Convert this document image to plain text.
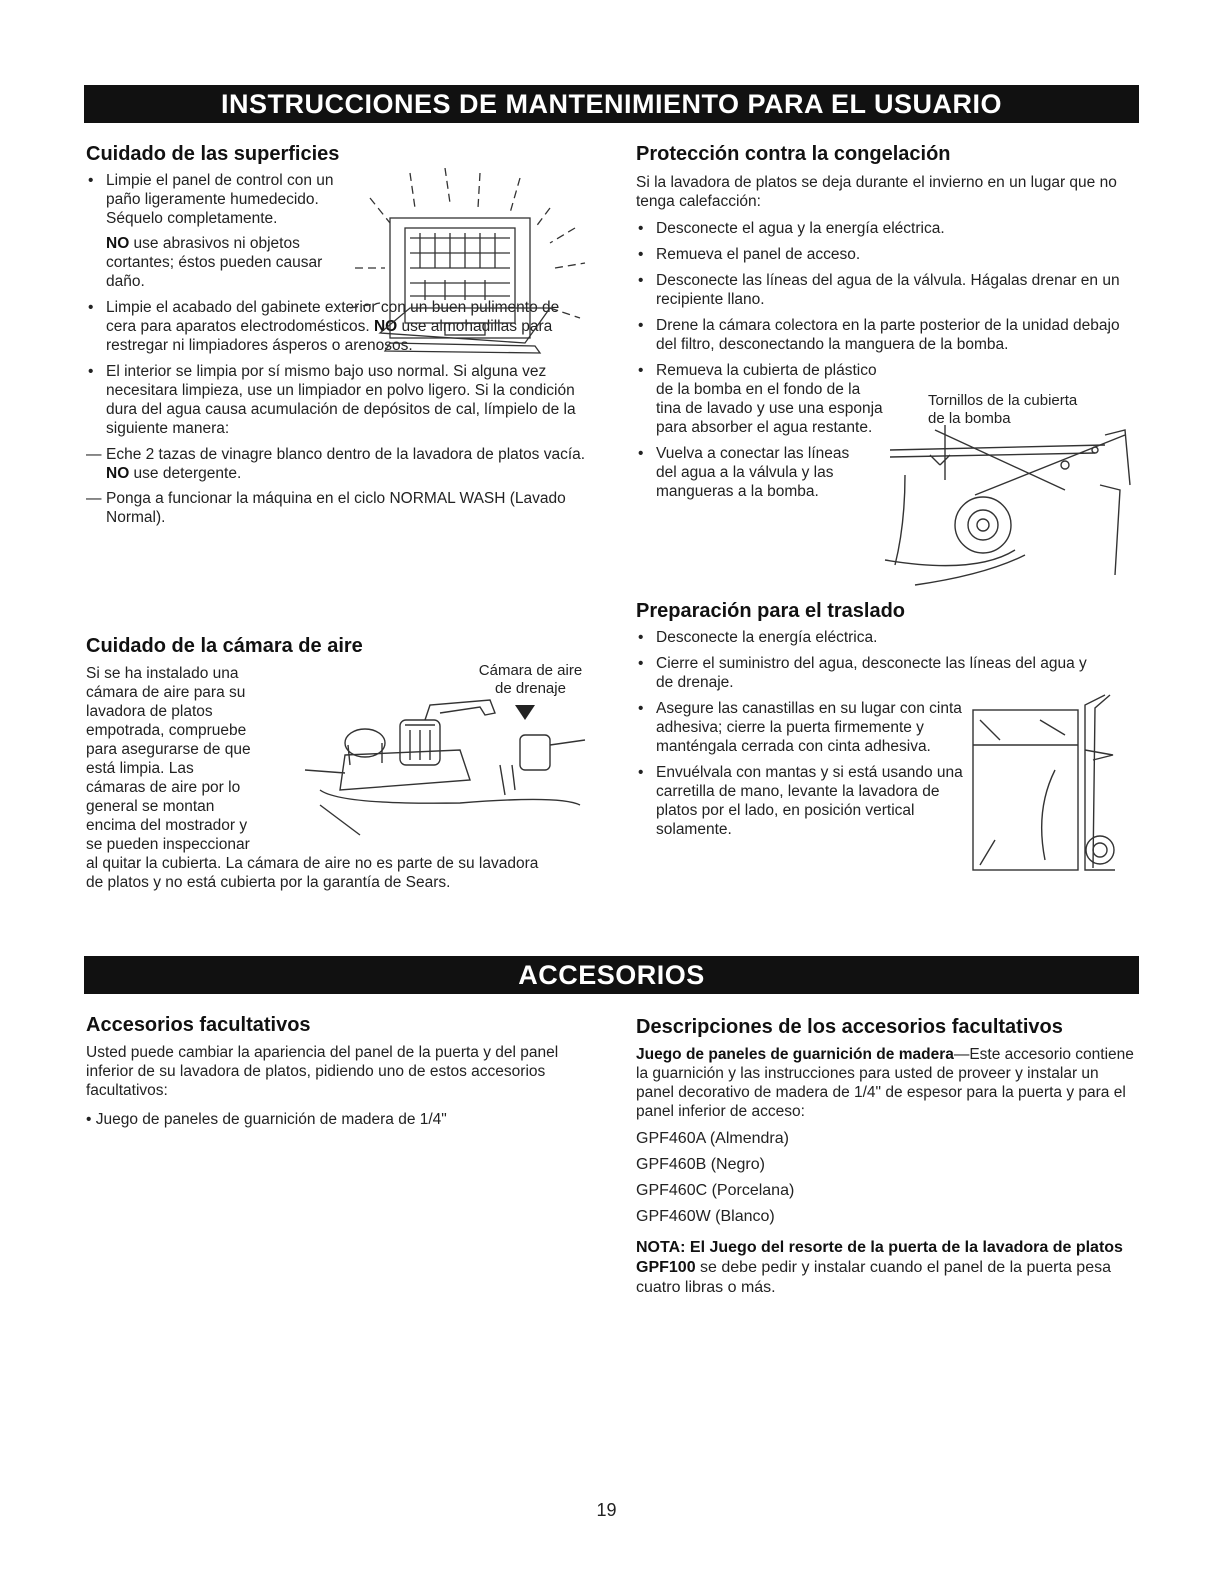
INSTRUCCIONES DE MANTENIMIENTO PARA EL USUARIO
Cuidado de las superficies
• Limpie el panel de control con un paño ligeramente humedecido. Séquelo completamente.
NO use abrasivos ni objetos cortantes; éstos pueden causar daño.
• Limpie el acabado del gabinete exterior con un buen pulimento de cera para aparatos electrodomésticos. NO use almohadillas para restregar ni limpiadores ásperos o arenosos.
• El interior se limpia por sí mismo bajo uso normal. Si alguna vez necesitara limpieza, use un limpiador en polvo ligero. Si la condición dura del agua causa acumulación de depósitos de cal, límpielo de la siguiente manera:
— Eche 2 tazas de vinagre blanco dentro de la lavadora de platos vacía. NO use detergente.
— Ponga a funcionar la máquina en el ciclo NORMAL WASH (Lavado Normal).
Cuidado de la cámara de aire
Cámara de aire
de drenaje
Si se ha instalado una cámara de aire para su lavadora de platos empotrada, compruebe para asegurarse de que está limpia. Las cámaras de aire por lo general se montan encima del mostrador y se pueden inspeccionar al quitar la cubierta. La cámara de aire no es parte de su lavadora de platos y no está cubierta por la garantía de Sears.
Protección contra la congelación

Si la lavadora de platos se deja durante el invierno en un lugar que no tenga calefacción:

• Desconecte el agua y la energía eléctrica.
• Remueva el panel de acceso.
• Desconecte las líneas del agua de la válvula. Hágalas drenar en un recipiente llano.
• Drene la cámara colectora en la parte posterior de la unidad debajo del filtro, desconectando la manguera de la bomba.
• Remueva la cubierta de plástico de la bomba en el fondo de la tina de lavado y use una esponja para absorber el agua restante.
• Vuelva a conectar las líneas del agua a la válvula y las mangueras a la bomba.
Tornillos de la cubierta
de la bomba
Preparación para el traslado
• Desconecte la energía eléctrica.
• Cierre el suministro del agua, desconecte las líneas del agua y de drenaje.
• Asegure las canastillas en su lugar con cinta adhesiva; cierre la puerta firmemente y manténgala cerrada con cinta adhesiva.
• Envuélvala con mantas y si está usando una carretilla de mano, levante la lavadora de platos por el lado, en posición vertical solamente.
ACCESORIOS
Accesorios facultativos

Usted puede cambiar la apariencia del panel de la puerta y del panel inferior de su lavadora de platos, pidiendo uno de estos accesorios facultativos:

• Juego de paneles de guarnición de madera de 1/4"

Descripciones de los accesorios facultativos

Juego de paneles de guarnición de madera—Este accesorio contiene la guarnición y las instrucciones para usted de proveer y instalar un panel decorativo de madera de 1/4" de espesor para la puerta y para el panel inferior de acceso:

GPF460A (Almendra)

GPF460B (Negro)

GPF460C (Porcelana)

GPF460W (Blanco)

NOTA: El Juego del resorte de la puerta de la lavadora de platos GPF100 se debe pedir y instalar cuando el panel de la puerta pesa cuatro libras o más.

19
